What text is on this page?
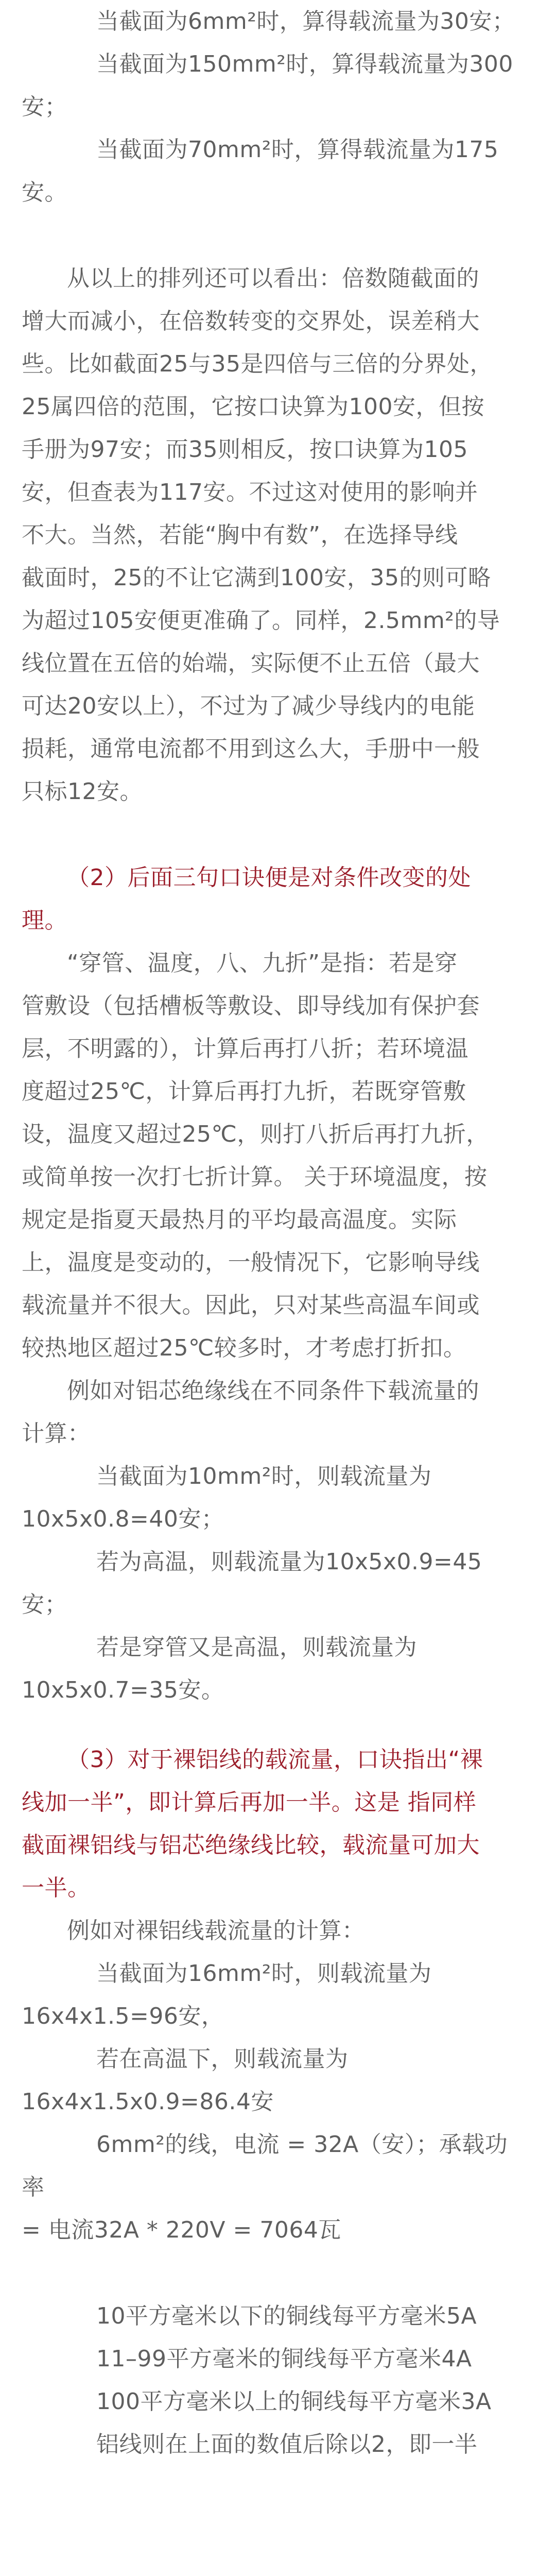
当截面为6mm²时，算得载流量为30安；

当截面为150mm²时，算得载流量为300

安；

当截面为70mm²时，算得载流量为175

安。

从以上的排列还可以看出：倍数随截面的

增大而减小，在倍数转变的交界处，误差稍大

些。比如截面25与35是四倍与三倍的分界处，

25属四倍的范围，它按口诀算为100安，但按

手册为97安；而35则相反，按口诀算为105

安，但查表为117安。不过这对使用的影响并

不大。当然，若能“胸中有数”，在选择导线

截面时，25的不让它满到100安，35的则可略

为超过105安便更准确了。同样，2.5mm²的导

线位置在五倍的始端，实际便不止五倍（最大

可达20安以上），不过为了减少导线内的电能

损耗，通常电流都不用到这么大，手册中一般

只标12安。

（2）后面三句口诀便是对条件改变的处

理。

“穿管、温度，八、九折”是指：若是穿

管敷设（包括槽板等敷设、即导线加有保护套

层，不明露的），计算后再打八折；若环境温

度超过25℃，计算后再打九折，若既穿管敷

设，温度又超过25℃，则打八折后再打九折，

或简单按一次打七折计算。 关于环境温度，按

规定是指夏天最热月的平均最高温度。实际

上，温度是变动的，一般情况下，它影响导线

载流量并不很大。因此，只对某些高温车间或

较热地区超过25℃较多时，才考虑打折扣。

例如对铝芯绝缘线在不同条件下载流量的

计算：

当截面为10mm²时，则载流量为

10x5x0.8=40安；

若为高温，则载流量为10x5x0.9=45安；

若是穿管又是高温，则载流量为

10x5x0.7=35安。

（3）对于裸铝线的载流量，口诀指出“裸

线加一半”，即计算后再加一半。这是 指同样

截面裸铝线与铝芯绝缘线比较，载流量可加大

一半。

例如对裸铝线载流量的计算：

当截面为16mm²时，则载流量为

16x4x1.5=96安，

若在高温下，则载流量为

16x4x1.5x0.9=86.4安

6mm²的线，电流 = 32A（安）；承载功率

= 电流32A * 220V = 7064瓦

10平方毫米以下的铜线每平方毫米5A

11–99平方毫米的铜线每平方毫米4A

100平方毫米以上的铜线每平方毫米3A

铝线则在上面的数值后除以2，即一半
